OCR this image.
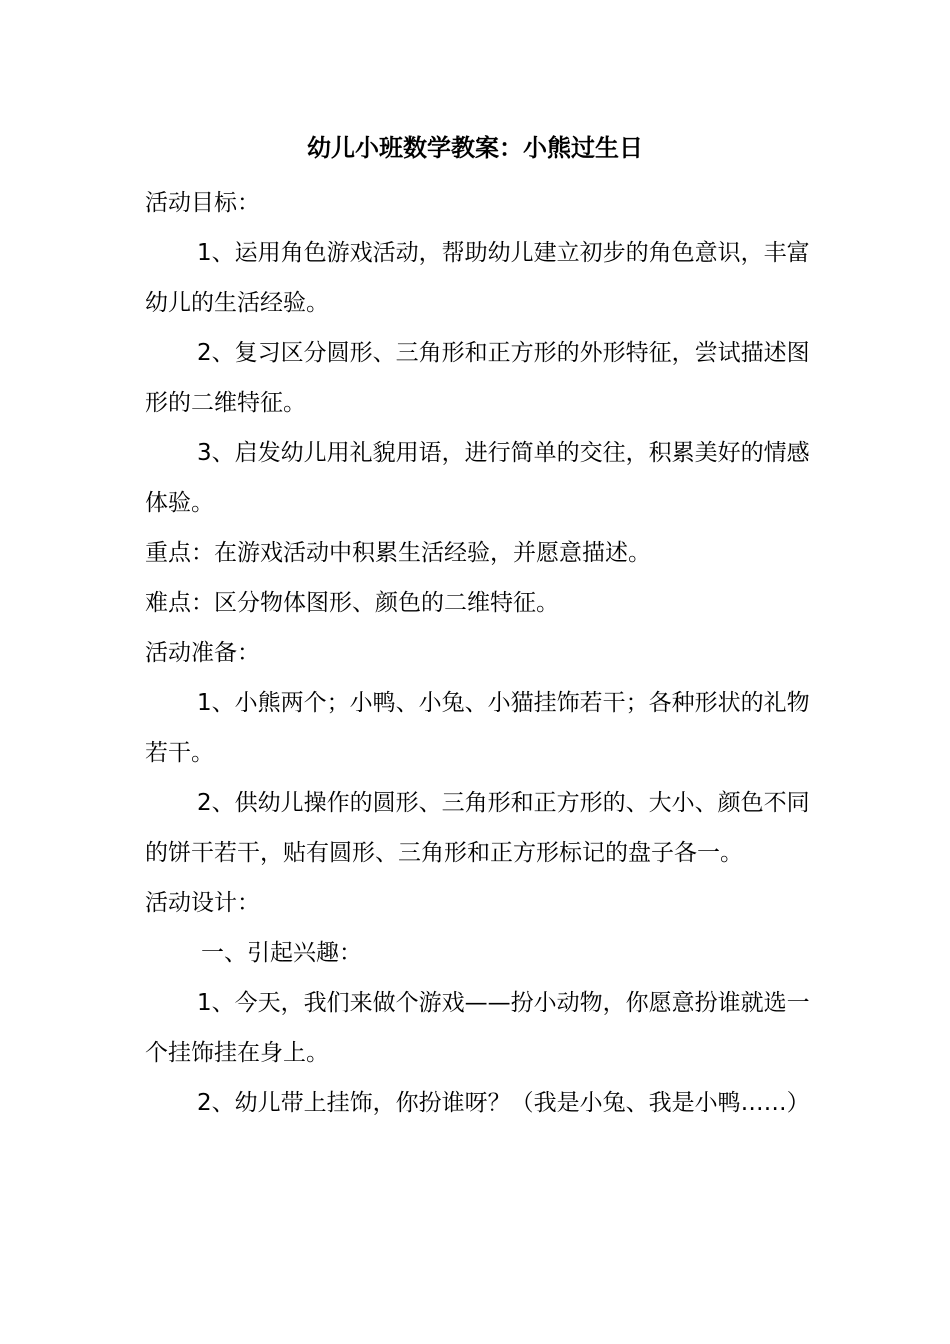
幼儿小班数学教案：小熊过生日

活动目标：

1、运用角色游戏活动，帮助幼儿建立初步的角色意识，丰富幼儿的生活经验。

2、复习区分圆形、三角形和正方形的外形特征，尝试描述图形的二维特征。

3、启发幼儿用礼貌用语，进行简单的交往，积累美好的情感体验。

重点：在游戏活动中积累生活经验，并愿意描述。

难点：区分物体图形、颜色的二维特征。

活动准备：

1、小熊两个；小鸭、小兔、小猫挂饰若干；各种形状的礼物若干。

2、供幼儿操作的圆形、三角形和正方形的、大小、颜色不同的饼干若干，贴有圆形、三角形和正方形标记的盘子各一。

活动设计：

一、引起兴趣：

1、今天，我们来做个游戏——扮小动物，你愿意扮谁就选一个挂饰挂在身上。

2、幼儿带上挂饰，你扮谁呀？（我是小兔、我是小鸭……）
